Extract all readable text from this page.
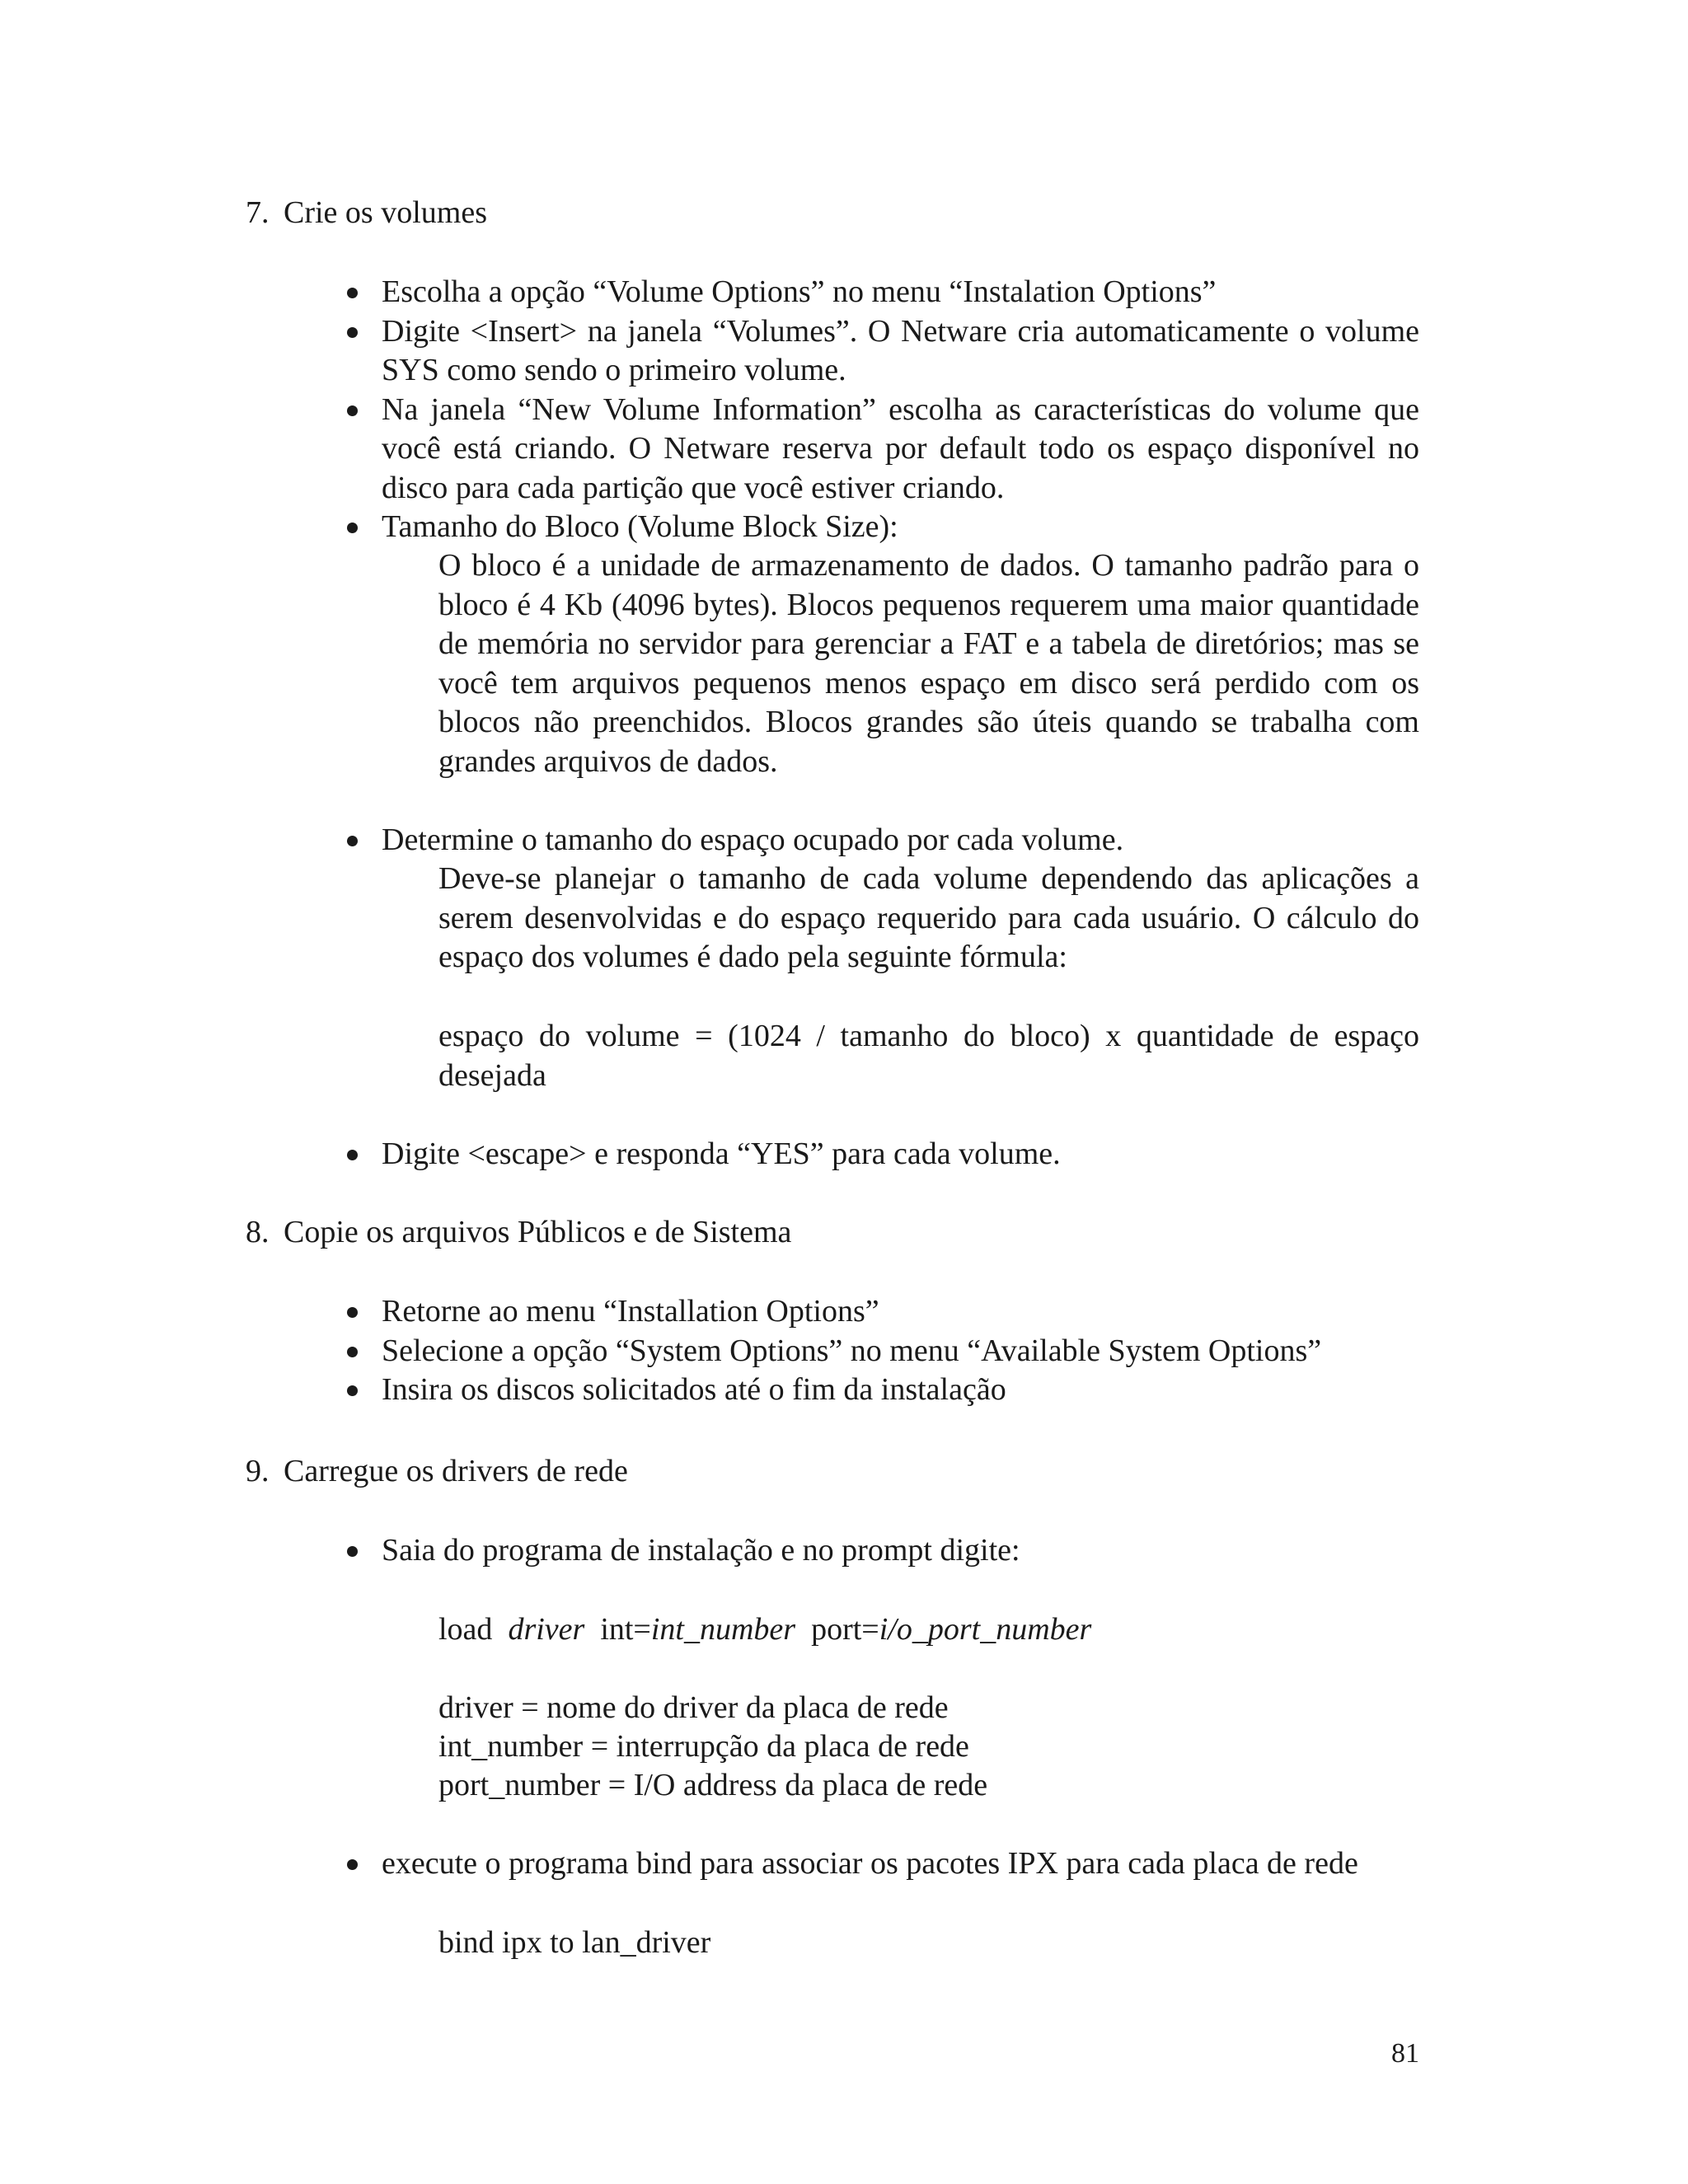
7. Crie os volumes
Escolha a opção “Volume Options” no menu “Instalation Options”
Digite <Insert> na janela “Volumes”. O Netware cria automaticamente o volume SYS como sendo o primeiro volume.
Na janela “New Volume Information” escolha as características do volume que você está criando. O Netware reserva por default todo os espaço disponível no disco para cada partição que você estiver criando.
Tamanho do Bloco (Volume Block Size):

O bloco é a unidade de armazenamento de dados. O tamanho padrão para o bloco é 4 Kb (4096 bytes). Blocos pequenos requerem uma maior quantidade de memória no servidor para gerenciar a FAT e a tabela de diretórios; mas se você tem arquivos pequenos menos espaço em disco será perdido com os blocos não preenchidos. Blocos grandes são úteis quando se trabalha com grandes arquivos de dados.

Determine o tamanho do espaço ocupado por cada volume.

Deve-se planejar o tamanho de cada volume dependendo das aplicações a serem desenvolvidas e do espaço requerido para cada usuário. O cálculo do espaço dos volumes é dado pela seguinte fórmula:

espaço do volume = (1024 / tamanho do bloco) x quantidade de espaço desejada

Digite <escape> e responda “YES” para cada volume.
8. Copie os arquivos Públicos e de Sistema
Retorne ao menu “Installation Options”
Selecione a opção “System Options” no menu “Available System Options”
Insira os discos solicitados até o fim da instalação
9. Carregue os drivers de rede
Saia do programa de instalação e no prompt digite:

load driver int=int_number port=i/o_port_number

driver = nome do driver da placa de rede

int_number = interrupção da placa de rede

port_number = I/O address da placa de rede

execute o programa bind para associar os pacotes IPX para cada placa de rede

bind ipx to lan_driver

81
